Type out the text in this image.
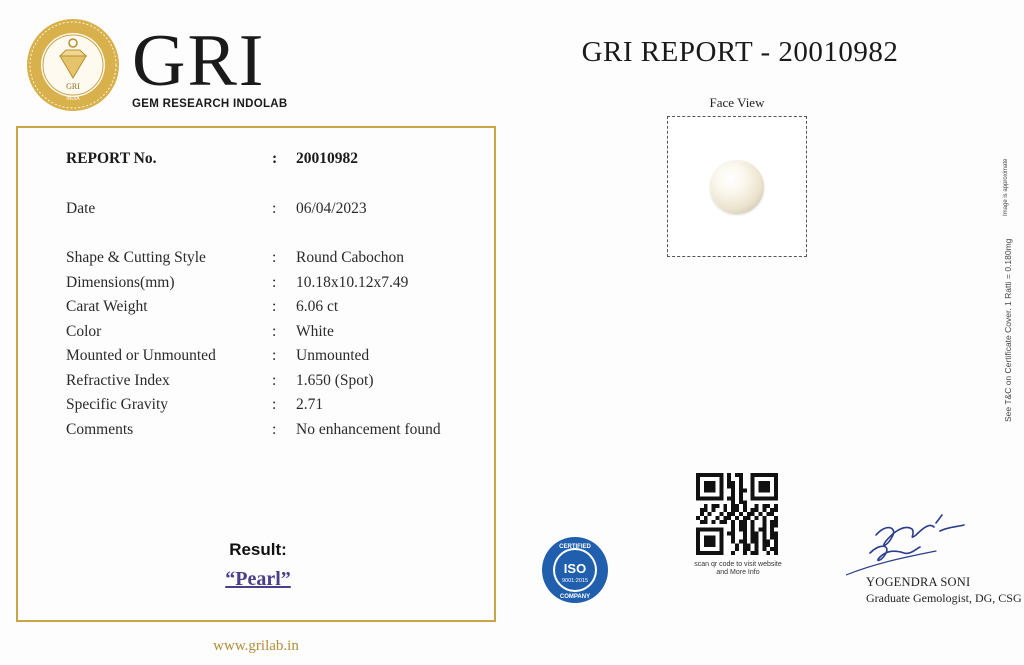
GRI
INDIA GRI
GEM RESEARCH INDOLAB
REPORT No.	: 20010982
Date	: 06/04/2023
Shape & Cutting Style	: Round Cabochon
Dimensions(mm)	: 10.18x10.12x7.49
Carat Weight	: 6.06 ct
Color	: White
Mounted or Unmounted	: Unmounted
Refractive Index	: 1.650 (Spot)
Specific Gravity	: 2.71
Comments	: No enhancement found
Result:
“Pearl”
www.grilab.in
GRI REPORT - 20010982
Face View
See T&C on Certificate Cover. 1 Ratti = 0.180mg
Image is approximate
CERTIFIED
ISO
9001:2015
COMPANY
scan qr code to visit website
and More Info
YOGENDRA SONI
Graduate Gemologist, DG, CSG
